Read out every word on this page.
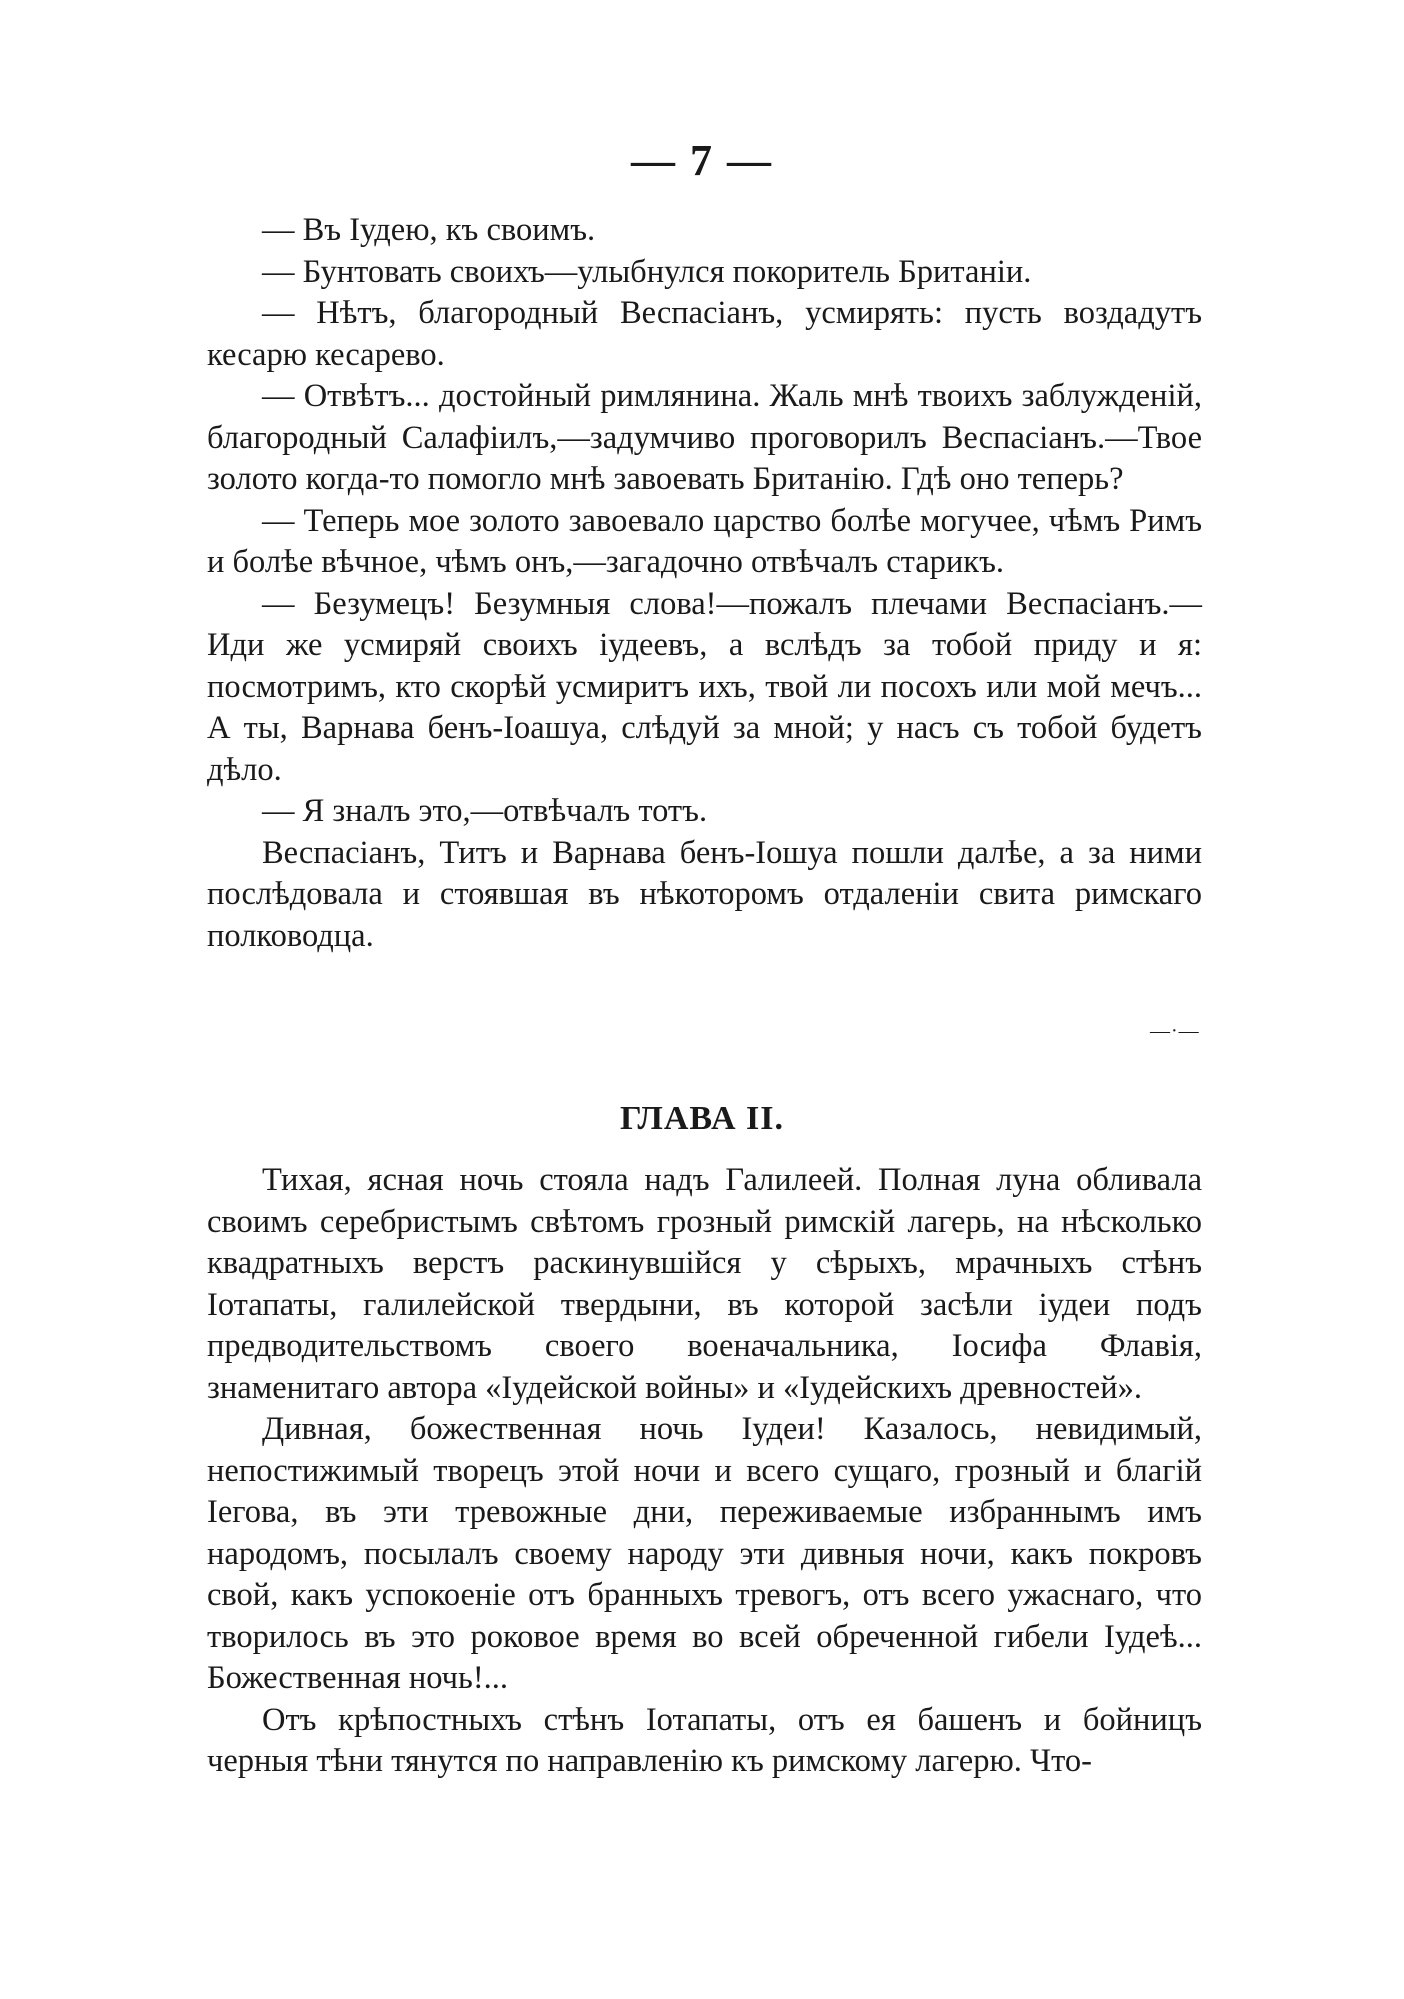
— 7 —

— Въ Іудею, къ своимъ.

— Бунтовать своихъ—улыбнулся покоритель Британіи.

— Нѣтъ, благородный Веспасіанъ, усмирять: пусть воздадутъ кесарю кесарево.

— Отвѣтъ... достойный римлянина. Жаль мнѣ твоихъ заблужденій, благородный Салафіилъ,—задумчиво проговорилъ Веспасіанъ.—Твое золото когда-то помогло мнѣ завоевать Британію. Гдѣ оно теперь?

— Теперь мое золото завоевало царство болѣе могучее, чѣмъ Римъ и болѣе вѣчное, чѣмъ онъ,—загадочно отвѣчалъ старикъ.

— Безумецъ! Безумныя слова!—пожалъ плечами Веспасіанъ.—Иди же усмиряй своихъ іудеевъ, а вслѣдъ за тобой приду и я: посмотримъ, кто скорѣй усмиритъ ихъ, твой ли посохъ или мой мечъ... А ты, Варнава бенъ-Іоашуа, слѣдуй за мной; у насъ съ тобой будетъ дѣло.

— Я зналъ это,—отвѣчалъ тотъ.

Веспасіанъ, Титъ и Варнава бенъ-Іошуа пошли далѣе, а за ними послѣдовала и стоявшая въ нѣкоторомъ отдаленіи свита римскаго полководца.

—·—
ГЛАВА II.

Тихая, ясная ночь стояла надъ Галилеей. Полная луна обливала своимъ серебристымъ свѣтомъ грозный римскій лагерь, на нѣсколько квадратныхъ верстъ раскинувшійся у сѣрыхъ, мрачныхъ стѣнъ Іотапаты, галилейской твердыни, въ которой засѣли іудеи подъ предводительствомъ своего военачальника, Іосифа Флавія, знаменитаго автора «Іудейской войны» и «Іудейскихъ древностей».

Дивная, божественная ночь Іудеи! Казалось, невидимый, непостижимый творецъ этой ночи и всего сущаго, грозный и благій Іегова, въ эти тревожные дни, переживаемые избраннымъ имъ народомъ, посылалъ своему народу эти дивныя ночи, какъ покровъ свой, какъ успокоеніе отъ бранныхъ тревогъ, отъ всего ужаснаго, что творилось въ это роковое время во всей обреченной гибели Іудеѣ... Божественная ночь!...

Отъ крѣпостныхъ стѣнъ Іотапаты, отъ ея башенъ и бойницъ черныя тѣни тянутся по направленію къ римскому лагерю. Что-
